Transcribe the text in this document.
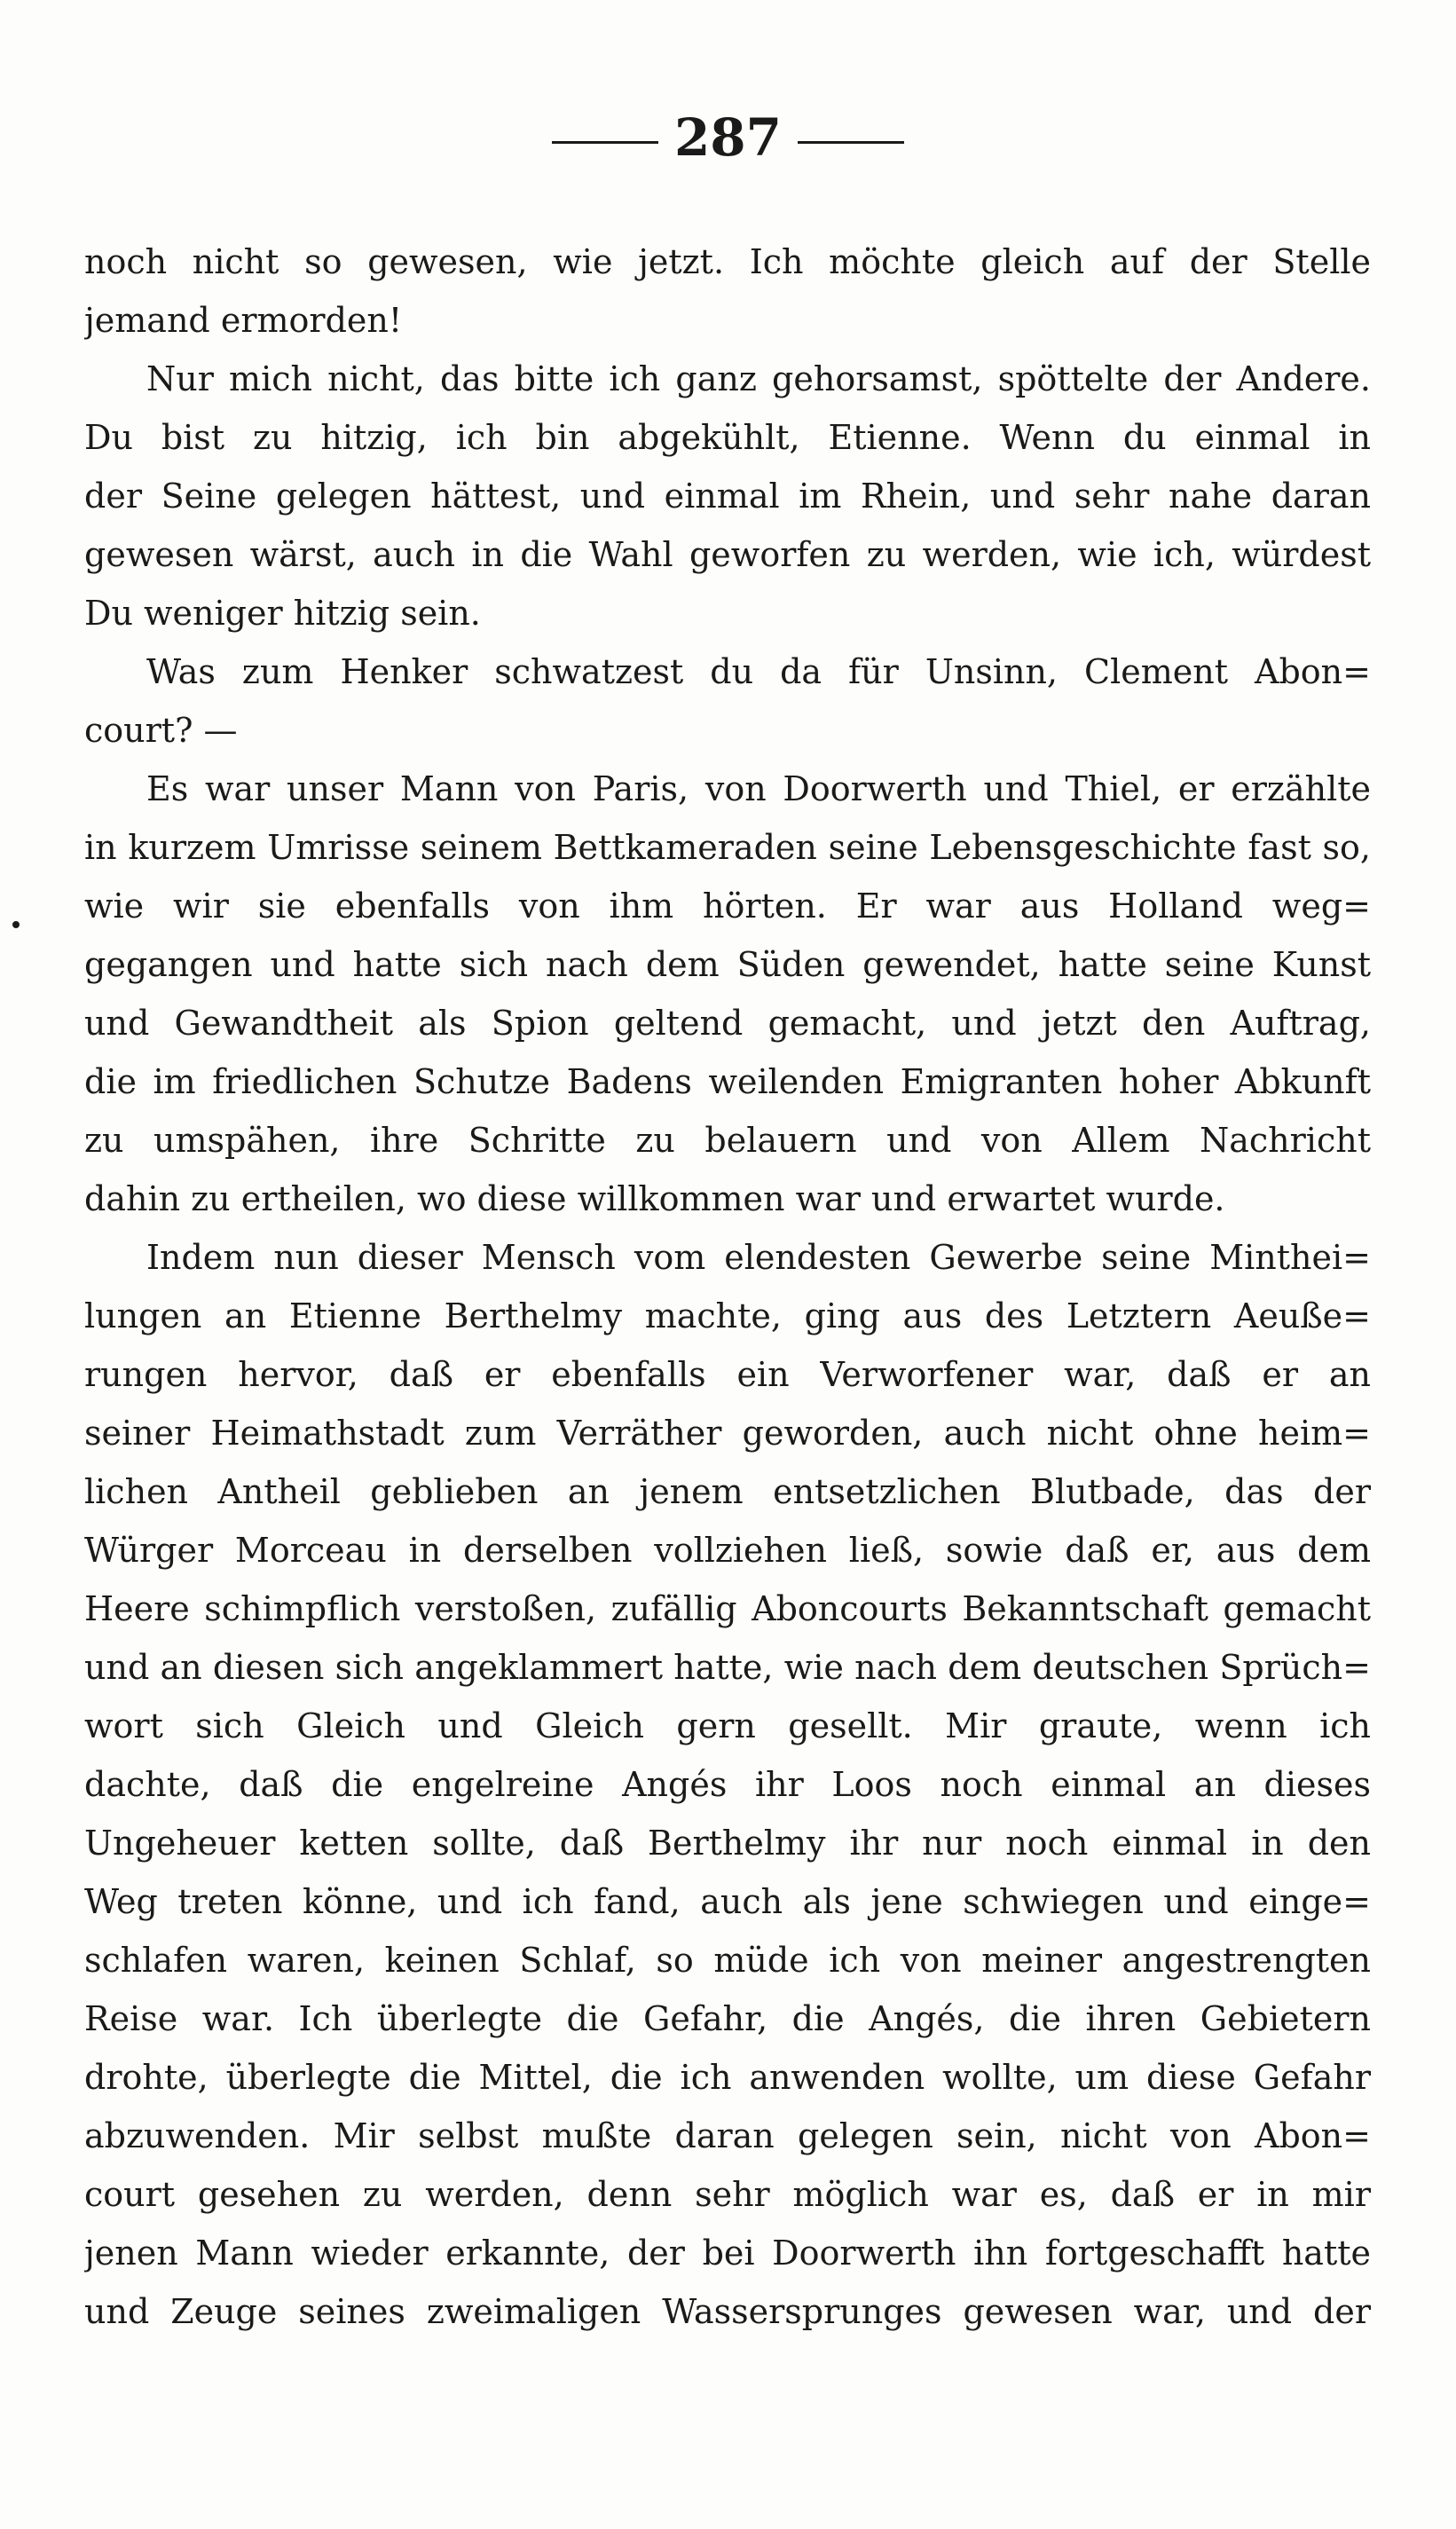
287
noch nicht so gewesen, wie jetzt. Ich möchte gleich auf der Stelle
jemand ermorden!
Nur mich nicht, das bitte ich ganz gehorsamst, spöttelte der Andere.
Du bist zu hitzig, ich bin abgekühlt, Etienne. Wenn du einmal in
der Seine gelegen hättest, und einmal im Rhein, und sehr nahe daran
gewesen wärst, auch in die Wahl geworfen zu werden, wie ich, würdest
Du weniger hitzig sein.
Was zum Henker schwatzest du da für Unsinn, Clement Abon=
court? —
Es war unser Mann von Paris, von Doorwerth und Thiel, er erzählte
in kurzem Umrisse seinem Bettkameraden seine Lebensgeschichte fast so,
wie wir sie ebenfalls von ihm hörten. Er war aus Holland weg=
gegangen und hatte sich nach dem Süden gewendet, hatte seine Kunst
und Gewandtheit als Spion geltend gemacht, und jetzt den Auftrag,
die im friedlichen Schutze Badens weilenden Emigranten hoher Abkunft
zu umspähen, ihre Schritte zu belauern und von Allem Nachricht
dahin zu ertheilen, wo diese willkommen war und erwartet wurde.
Indem nun dieser Mensch vom elendesten Gewerbe seine Minthei=
lungen an Etienne Berthelmy machte, ging aus des Letztern Aeuße=
rungen hervor, daß er ebenfalls ein Verworfener war, daß er an
seiner Heimathstadt zum Verräther geworden, auch nicht ohne heim=
lichen Antheil geblieben an jenem entsetzlichen Blutbade, das der
Würger Morceau in derselben vollziehen ließ, sowie daß er, aus dem
Heere schimpflich verstoßen, zufällig Aboncourts Bekanntschaft gemacht
und an diesen sich angeklammert hatte, wie nach dem deutschen Sprüch=
wort sich Gleich und Gleich gern gesellt. Mir graute, wenn ich
dachte, daß die engelreine Angés ihr Loos noch einmal an dieses
Ungeheuer ketten sollte, daß Berthelmy ihr nur noch einmal in den
Weg treten könne, und ich fand, auch als jene schwiegen und einge=
schlafen waren, keinen Schlaf, so müde ich von meiner angestrengten
Reise war. Ich überlegte die Gefahr, die Angés, die ihren Gebietern
drohte, überlegte die Mittel, die ich anwenden wollte, um diese Gefahr
abzuwenden. Mir selbst mußte daran gelegen sein, nicht von Abon=
court gesehen zu werden, denn sehr möglich war es, daß er in mir
jenen Mann wieder erkannte, der bei Doorwerth ihn fortgeschafft hatte
und Zeuge seines zweimaligen Wassersprunges gewesen war, und der
